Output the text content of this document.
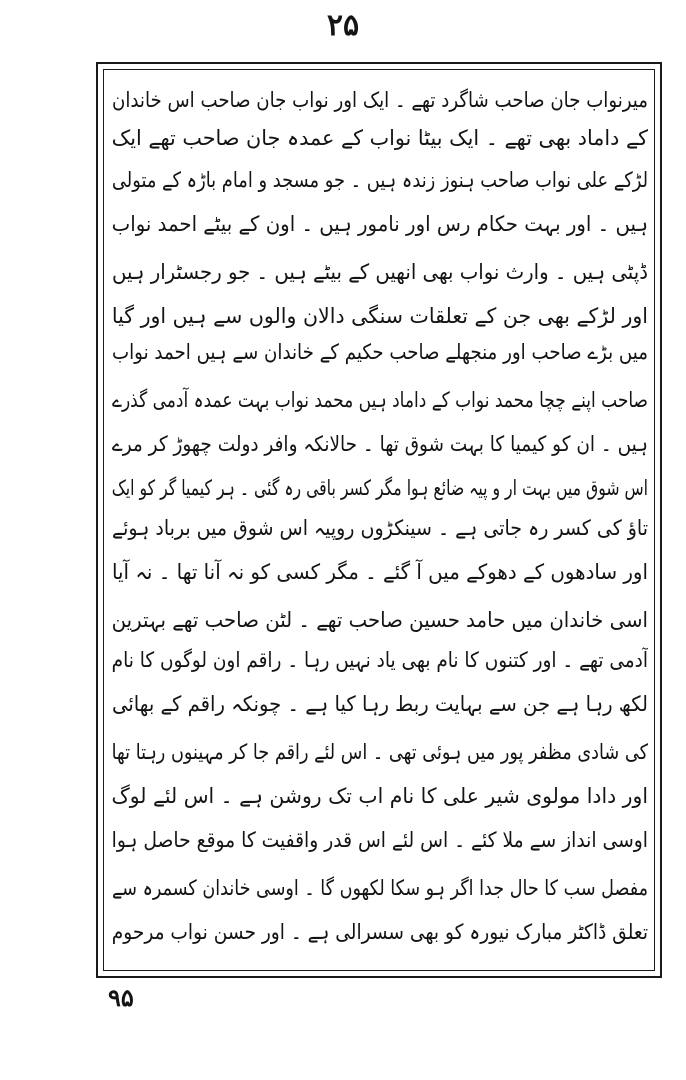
۲۵
میرنواب جان صاحب شاگرد تھے ۔ ایک اور نواب جان صاحب اس خاندان
کے داماد بھی تھے ۔ ایک بیٹا نواب کے عمدہ جان صاحب تھے ایک
لڑکے علی نواب صاحب ہنوز زندہ ہیں ۔ جو مسجد و امام باڑہ کے متولی
ہیں ۔ اور بہت حکام رس اور نامور ہیں ۔ اون کے بیٹے احمد نواب
ڈپٹی ہیں ۔ وارث نواب بھی انھیں کے بیٹے ہیں ۔ جو رجسٹرار ہیں
اور لڑکے بھی جن کے تعلقات سنگی دالان والوں سے ہیں اور گیا
میں بڑے صاحب اور منجھلے صاحب حکیم کے خاندان سے ہیں احمد نواب
صاحب اپنے چچا محمد نواب کے داماد ہیں محمد نواب بہت عمدہ آدمی گذرے
ہیں ۔ ان کو کیمیا کا بہت شوق تھا ۔ حالانکہ وافر دولت چھوڑ کر مرے
اس شوق میں بہت ار و پیہ ضائع ہوا مگر کسر باقی رہ گئی ۔ ہر کیمیا گر کو ایک
تاؤ کی کسر رہ جاتی ہے ۔ سینکڑوں روپیہ اس شوق میں برباد ہوئے
اور سادھوں کے دھوکے میں آ گئے ۔ مگر کسی کو نہ آنا تھا ۔ نہ آیا
اسی خاندان میں حامد حسین صاحب تھے ۔ لٹن صاحب تھے بہترین
آدمی تھے ۔ اور کتنوں کا نام بھی یاد نہیں رہا ۔ راقم اون لوگوں کا نام
لکھ رہا ہے جن سے بہایت ربط رہا کیا ہے ۔ چونکہ راقم کے بھائی
کی شادی مظفر پور میں ہوئی تھی ۔ اس لئے راقم جا کر مہینوں رہتا تھا
اور دادا مولوی شیر علی کا نام اب تک روشن ہے ۔ اس لئے لوگ
اوسی انداز سے ملا کئے ۔ اس لئے اس قدر واقفیت کا موقع حاصل ہوا
مفصل سب کا حال جدا اگر ہو سکا لکھوں گا ۔ اوسی خاندان کسمرہ سے
تعلق ڈاکٹر مبارک نیورہ کو بھی سسرالی ہے ۔ اور حسن نواب مرحوم
۹۵
